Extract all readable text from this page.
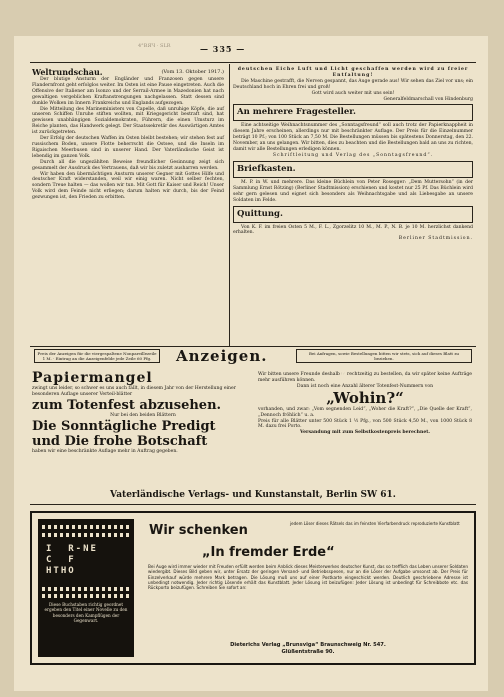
4°ВЯЧ · SLR	— 335 —
(Vom 13. Oktober 1917.)
Weltrundschau.

Der blutige Ansturm der Engländer und Franzosen gegen unsere Flandernfront geht erfolglos weiter. Im Osten ist eine Pause eingetreten. Auch die Offensive der Italiener am Isonzo und der Serrail-Armee in Mazedonien hat nach gewaltigen vergeblichen Kraftanstrengungen nachgelassen. Statt dessen sind dunkle Wolken im Innern Frankreichs und Englands aufgezogen.

Die Mitteilung des Marineministers von Capelle, daß unruhige Köpfe, die auf unseren Schiffen Unruhe stiften wollten, mit Kriegsgericht bestraft sind, hat gewissen unabhängigen Sozialdemokraten, Führern, die einen Umsturz im Reiche planten, das Handwerk gelegt. Der Staatssekretär des Auswärtigen Amtes ist zurückgetreten.

Der Erfolg der deutschen Waffen im Osten bleibt bestehen; wir stehen fest auf russischem Boden, unsere Flotte beherrscht die Ostsee, und die Inseln im Rigaischen Meerbusen sind in unserer Hand. Der Vaterländische Geist ist lebendig im ganzen Volk.

Durch all die ungezählten Beweise freundlicher Gesinnung zeigt sich gesammelt der Ausdruck des Vertrauens, daß wir bis zuletzt ausharren werden.

Wir haben den übermächtigen Ansturm unserer Gegner mit Gottes Hilfe und deutscher Kraft widerstanden, weil wir einig waren. Nicht selber fechten, sondern Treue halten — das wollen wir tun. Mit Gott für Kaiser und Reich! Unser Volk wird dem Feinde nicht erliegen; darum halten wir durch, bis der Feind gezwungen ist, den Frieden zu erbitten.

deutschen Eiche Luft und Licht geschaffen werden wird zu freier Entfaltung!

Die Maschine gestrafft, die Nerven gespannt, das Auge gerade aus! Wir sehen das Ziel vor uns; ein Deutschland hoch in Ehren frei und groß!

Gott wird auch weiter mit uns sein!

Generalfeldmarschall von Hindenburg

An mehrere Fragesteller.

Eine achtseitige Weihnachtsnummer des „Sonntagsfreund“ soll auch trotz der Papierknappheit in diesem Jahre erscheinen, allerdings nur mit beschränkter Auflage. Der Preis für die Einzelnummer beträgt 10 Pf.; von 100 Stück an 7,50 M. Die Bestellungen müssen bis spätestens Donnerstag, den 22. November, an uns gelangen. Wir bitten, dies zu beachten und die Bestellungen bald an uns zu richten, damit wir alle Bestellungen erledigen können.

Schriftleitung und Verlag des „Sonntagsfreund“.

Briefkasten.

M. P. in W. und mehrere. Das kleine Büchlein von Peter Rosegger: „Dem Muttersohn“ (in der Sammlung Ernst Rötzing) (Berliner Stadtmission) erschienen und kostet nur 25 Pf. Das Büchlein wird sehr gern gelesen und eignet sich besonders als Weihnachtsgabe und als Liebesgabe an unsere Soldaten im Felde.

Quittung.

Von K. F. im freien Osten 5 M., F. L., Zgorzelitz 10 M., M. P., N. B. je 10 M. herzlichst dankend erhalten.

Berliner Stadtmission.

Preis der Anzeigen für die viergespaltene Nonpareillezeile 1 M. · Eintrag an die Anzeigenfelde jede Zeile 60 Pfg.	Anzeigen.	Bei Anfragen, sowie Bestellungen bitten wir stets, sich auf dieses Blatt zu beziehen.
Papiermangel

zwingt uns leider, so schwer es uns auch fällt, in diesem Jahr von der Herstellung einer besonderen Auflage unserer Verteil-blätter

zum Totenfest abzusehen.

Nur bei den beiden Blättern

Die Sonntägliche Predigt
und Die frohe Botschaft

haben wir eine beschränkte Auflage mehr in Auftrag gegeben.

Wir bitten unsere Freunde deshalb ☞ rechtzeitig zu bestellen, da wir später keine Aufträge mehr ausführen können.

Dann ist noch eine Anzahl älterer Totenfest-Nummern von

„Wohin?“

vorhanden, und zwar: „Vom segnenden Leid“, „Woher die Kraft?“, „Die Quelle der Kraft“, „Dennoch fröhlich“ u. a.

Preis für alle Blätter unter 500 Stück 1 ½ Pfg., von 500 Stück 4,50 M., von 1000 Stück 8 M. dazu frei Porto.

Versandung mit zum Selbstkostenpreis berechnet.

Vaterländische Verlags- und Kunstanstalt, Berlin SW 61.
I  R-NE
C  F
HTHO
Diese Buchstaben richtig geordnet ergeben den Titel einer Novelle zu den besonders den Kampflügen der Gegenwart.
Wir schenken	jedem Löser dieses Rätsels das im feinsten Vierfarbendruck reproduzierte Kunstblatt
„In fremder Erde“
Bei Auge wird immer wieder mit Freuden erfüllt werden beim Anblick dieses Meisterwerkes deutscher Kunst, das so trefflich das Leben unserer Soldaten wiedergibt. Dieses Bild geben wir, unter Ersatz der geringen Versand- und Betriebsspesen, nur an die Löser der Aufgabe umsonst ab. Der Preis für Einzelverkauf würde mehrere Mark betragen. Die Lösung muß uns auf einer Postkarte eingeschickt werden. Deutlich geschriebene Adresse ist unbedingt notwendig. Jeder richtig Lösende erhält das Kunstblatt. Jeder Lösung ist beizufügen: Jeder Lösung ist unbedingt für Schreibbote etc. das Rückporto beizufügen. Schreiben Sie sofort an:
Dieterichs Verlag „Brunsviga“ Braunschweig Nr. 547.
Glüßentstraße 90.
